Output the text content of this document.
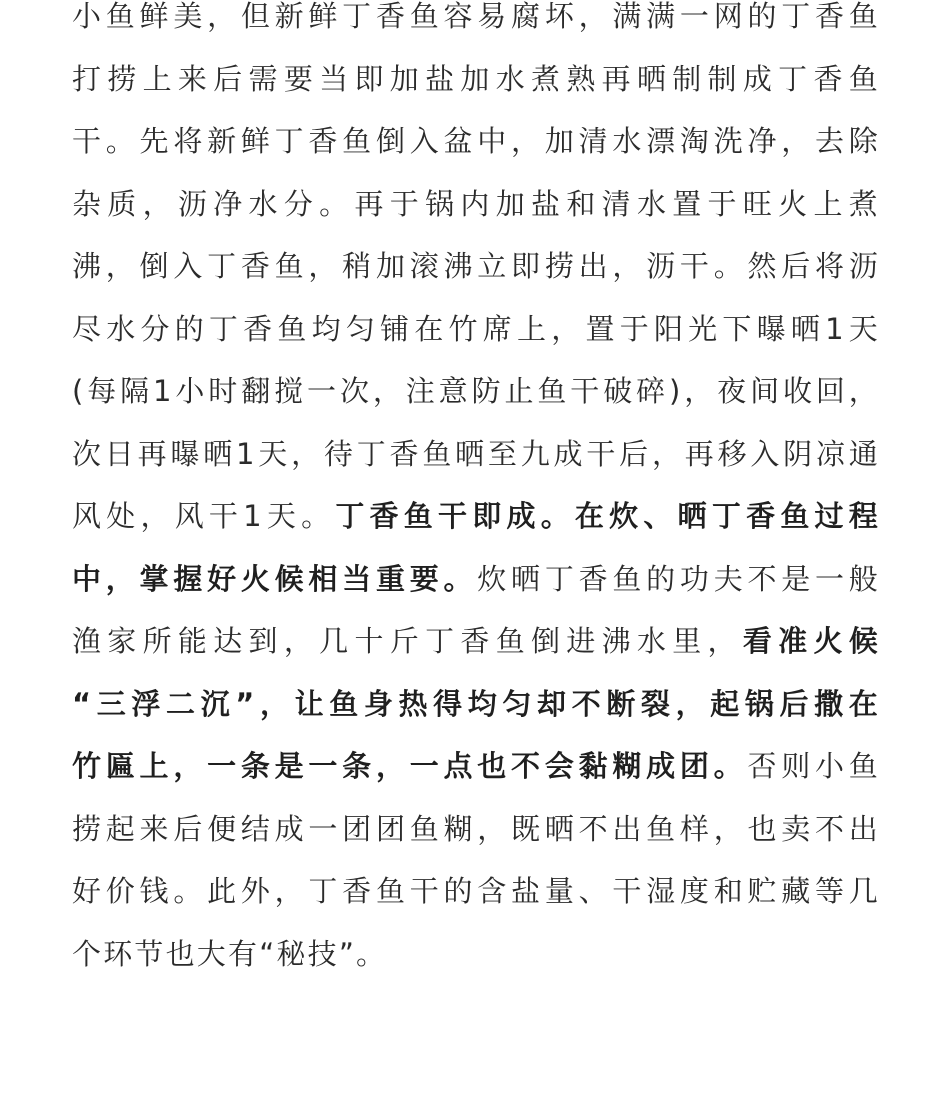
小鱼鲜美，但新鲜丁香鱼容易腐坏，满满一网的丁香鱼
打捞上来后需要当即加盐加水煮熟再晒制制成丁香鱼
干。先将新鲜丁香鱼倒入盆中，加清水漂淘洗净，去除
杂质，沥净水分。再于锅内加盐和清水置于旺火上煮
沸，倒入丁香鱼，稍加滚沸立即捞出，沥干。然后将沥
尽水分的丁香鱼均匀铺在竹席上，置于阳光下曝晒1天
(每隔1小时翻搅一次，注意防止鱼干破碎)，夜间收回，
次日再曝晒1天，待丁香鱼晒至九成干后，再移入阴凉通
风处，风干1天。丁香鱼干即成。在炊、晒丁香鱼过程
中，掌握好火候相当重要。炊晒丁香鱼的功夫不是一般
渔家所能达到，几十斤丁香鱼倒进沸水里，看准火候
“三浮二沉”，让鱼身热得均匀却不断裂，起锅后撒在
竹匾上，一条是一条，一点也不会黏糊成团。否则小鱼
捞起来后便结成一团团鱼糊，既晒不出鱼样，也卖不出
好价钱。此外，丁香鱼干的含盐量、干湿度和贮藏等几
个环节也大有“秘技”。
